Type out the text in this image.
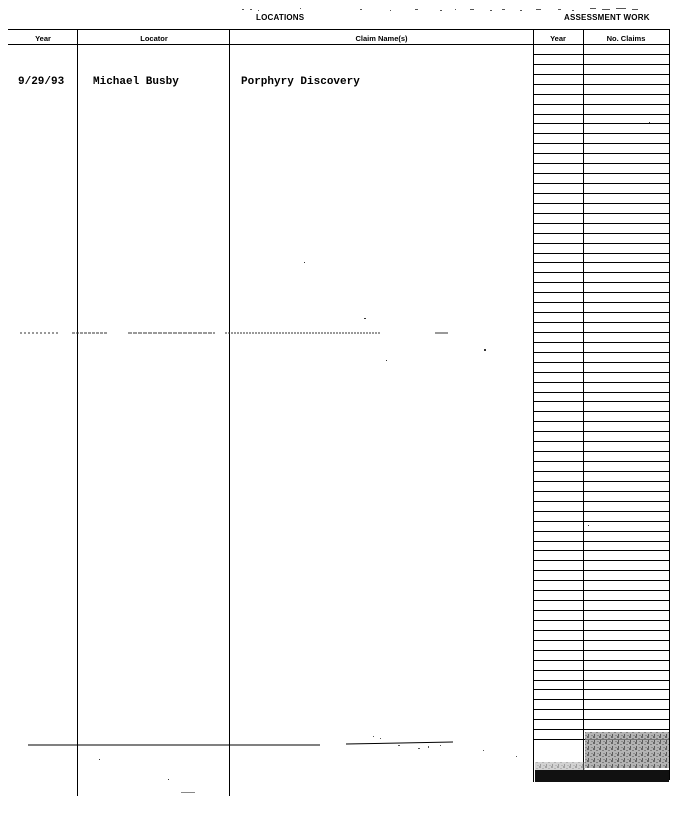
LOCATIONS	ASSESSMENT WORK
Year	Locator	Claim Name(s)	Year	No. Claims
9/29/93	Michael Busby	Porphyry Discovery
